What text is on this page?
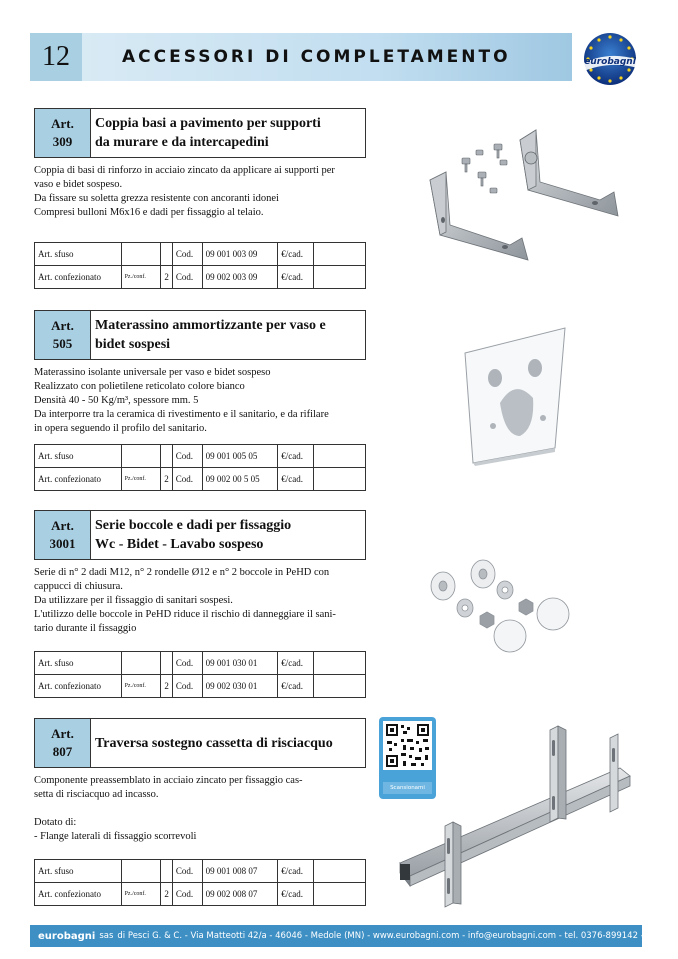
12	ACCESSORI DI COMPLETAMENTO	eurobagni
Art.
309
Coppia basi a pavimento per supporti
da murare e da intercapedini
Coppia di basi di rinforzo in acciaio zincato da applicare ai supporti per
vaso e bidet sospeso.
Da fissare su soletta grezza resistente con ancoranti idonei
Compresi bulloni M6x16 e dadi per fissaggio al telaio.
Art. sfuso			Cod.	09 001 003 09	€/cad.	
Art. confezionato	Pz./conf.	2	Cod.	09 002 003 09	€/cad.	
Art.
505
Materassino ammortizzante per vaso e
bidet sospesi
Materassino isolante universale per vaso e bidet sospeso
Realizzato con polietilene reticolato colore bianco
Densità 40 - 50 Kg/m³, spessore mm. 5
Da interporre tra la ceramica di rivestimento e il sanitario, e da rifilare
in opera seguendo il profilo del sanitario.
Art. sfuso			Cod.	09 001 005 05	€/cad.	
Art. confezionato	Pz./conf.	2	Cod.	09 002 00 5 05	€/cad.	
Art.
3001
Serie boccole e dadi per fissaggio
Wc - Bidet - Lavabo sospeso
Serie di n° 2 dadi M12, n° 2 rondelle Ø12 e n° 2 boccole in PeHD con
cappucci di chiusura.
Da utilizzare per il fissaggio di sanitari sospesi.
L'utilizzo delle boccole in PeHD riduce il rischio di danneggiare il sani-
tario durante il fissaggio
Art. sfuso			Cod.	09 001 030 01	€/cad.	
Art. confezionato	Pz./conf.	2	Cod.	09 002 030 01	€/cad.	
Art.
807
Traversa sostegno cassetta di risciacquo
Componente preassemblato in acciaio zincato per fissaggio cas-
setta di risciacquo ad incasso.
Dotato di:
- Flange laterali di fissaggio scorrevoli
Art. sfuso			Cod.	09 001 008 07	€/cad.	
Art. confezionato	Pz./conf.	2	Cod.	09 002 008 07	€/cad.	
Scansionami
eurobagni sas di Pesci G. & C. - Via Matteotti 42/a - 46046 - Medole (MN) - www.eurobagni.com - info@eurobagni.com - tel. 0376-899142 -
